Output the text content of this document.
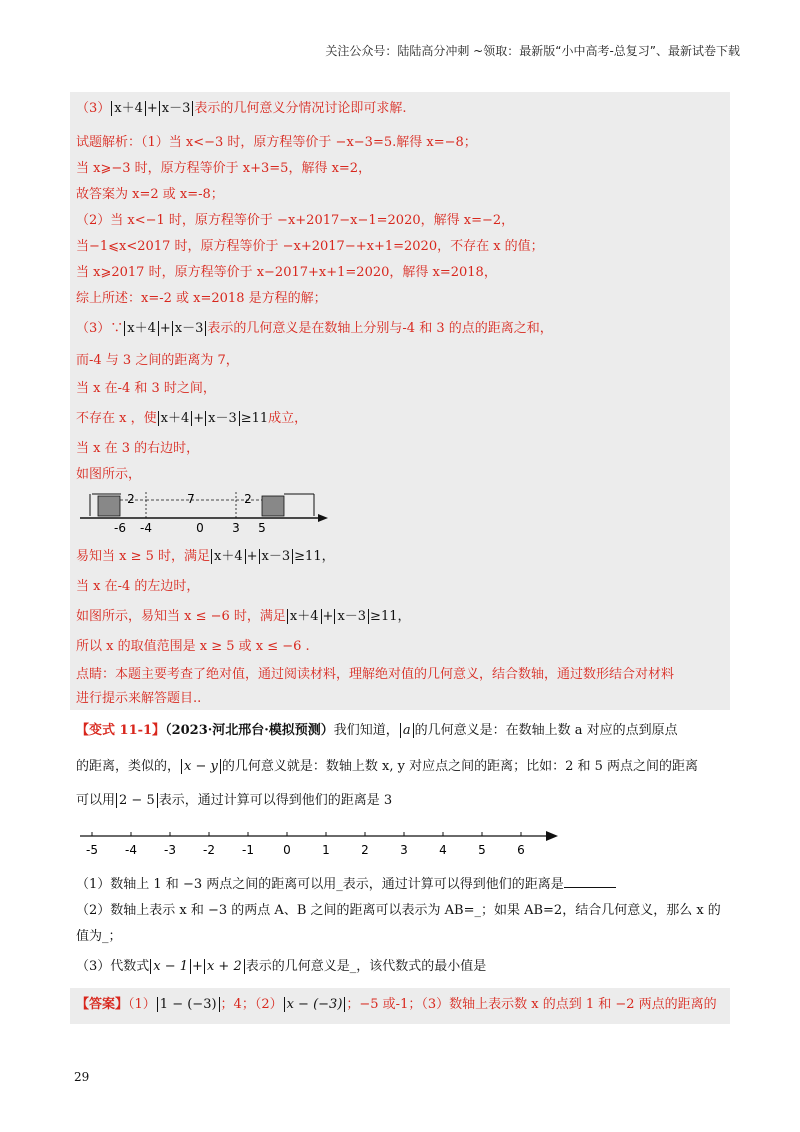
关注公众号：陆陆高分冲刺 ~领取：最新版“小中高考-总复习”、最新试卷下载
（3） x＋4 + x－3 表示的几何意义分情况讨论即可求解.
试题解析：（1）当 x<−3 时，原方程等价于 −x−3=5.解得 x=−8；
当 x⩾−3 时，原方程等价于 x+3=5，解得 x=2，
故答案为 x=2 或 x=-8；
（2）当 x<−1 时，原方程等价于 −x+2017−x−1=2020，解得 x=−2，
当−1⩽x<2017 时，原方程等价于 −x+2017−+x+1=2020，不存在 x 的值；
当 x⩾2017 时，原方程等价于 x−2017+x+1=2020，解得 x=2018，
综上所述：x=-2 或 x=2018 是方程的解；
（3）∵ x＋4 + x－3 表示的几何意义是在数轴上分别与-4 和 3 的点的距离之和，
而-4 与 3 之间的距离为 7，
当 x 在-4 和 3 时之间，
不存在 x ，使 x＋4 + x－3 ≥11成立，
当 x 在 3 的右边时，
如图所示，
2	7	2
-6 -4	0 3 5
易知当 x ≥ 5 时，满足 x＋4 + x－3 ≥11，
当 x 在-4 的左边时，
如图所示，易知当 x ≤ −6 时，满足 x＋4 + x－3 ≥11，
所以 x 的取值范围是 x ≥ 5 或 x ≤ −6 .
点睛：本题主要考查了绝对值，通过阅读材料，理解绝对值的几何意义，结合数轴，通过数形结合对材料
进行提示来解答题目..
【变式 11-1】（2023·河北邢台·模拟预测）我们知道， a 的几何意义是：在数轴上数 a 对应的点到原点
的距离，类似的， x − y 的几何意义就是：数轴上数 x, y 对应点之间的距离；比如：2 和 5 两点之间的距离
可以用 2 − 5 表示，通过计算可以得到他们的距离是 3
-5 -4 -3 -2 -1 0	1	2	3	4	5	6
（1）数轴上 1 和 −3 两点之间的距离可以用_表示，通过计算可以得到他们的距离是
（2）数轴上表示 x 和 −3 的两点 A、B 之间的距离可以表示为 AB=_；如果 AB=2，结合几何意义，那么 x 的
值为_；
（3）代数式 x − 1 + x + 2 表示的几何意义是_，该代数式的最小值是
【答案】（1） 1 − (−3) ；4；（2） x − (−3) ；−5 或-1；（3）数轴上表示数 x 的点到 1 和 −2 两点的距离的
29
